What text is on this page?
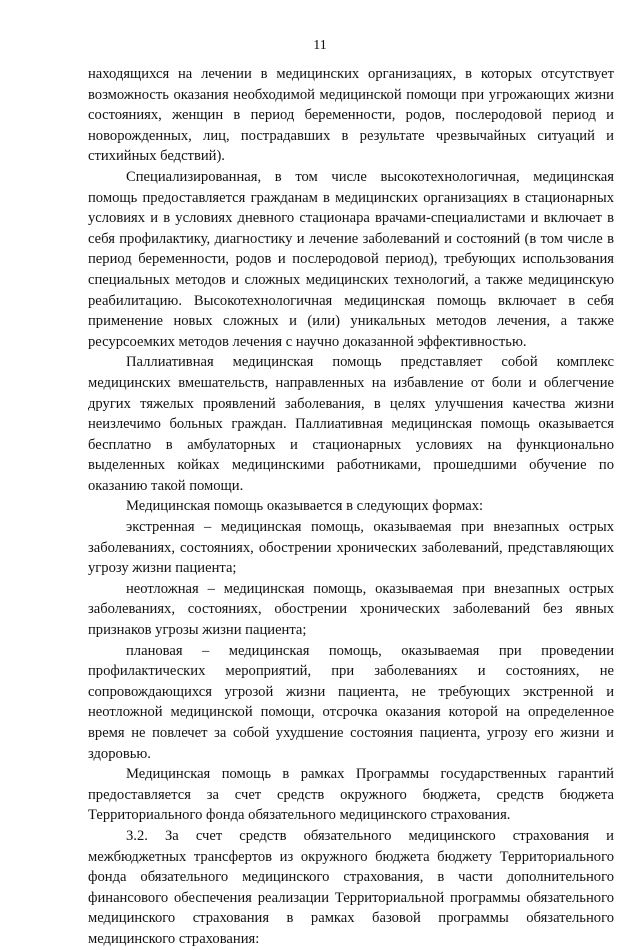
11

находящихся на лечении в медицинских организациях, в которых отсутствует возможность оказания необходимой медицинской помощи при угрожающих жизни состояниях, женщин в период беременности, родов, послеродовой период и новорожденных, лиц, пострадавших в результате чрезвычайных ситуаций и стихийных бедствий).

Специализированная, в том числе высокотехнологичная, медицинская помощь предоставляется гражданам в медицинских организациях в стационарных условиях и в условиях дневного стационара врачами-специалистами и включает в себя профилактику, диагностику и лечение заболеваний и состояний (в том числе в период беременности, родов и послеродовой период), требующих использования специальных методов и сложных медицинских технологий, а также медицинскую реабилитацию. Высокотехнологичная медицинская помощь включает в себя применение новых сложных и (или) уникальных методов лечения, а также ресурсоемких методов лечения с научно доказанной эффективностью.

Паллиативная медицинская помощь представляет собой комплекс медицинских вмешательств, направленных на избавление от боли и облегчение других тяжелых проявлений заболевания, в целях улучшения качества жизни неизлечимо больных граждан. Паллиативная медицинская помощь оказывается бесплатно в амбулаторных и стационарных условиях на функционально выделенных койках медицинскими работниками, прошедшими обучение по оказанию такой помощи.

Медицинская помощь оказывается в следующих формах:

экстренная – медицинская помощь, оказываемая при внезапных острых заболеваниях, состояниях, обострении хронических заболеваний, представляющих угрозу жизни пациента;

неотложная – медицинская помощь, оказываемая при внезапных острых заболеваниях, состояниях, обострении хронических заболеваний без явных признаков угрозы жизни пациента;

плановая – медицинская помощь, оказываемая при проведении профилактических мероприятий, при заболеваниях и состояниях, не сопровождающихся угрозой жизни пациента, не требующих экстренной и неотложной медицинской помощи, отсрочка оказания которой на определенное время не повлечет за собой ухудшение состояния пациента, угрозу его жизни и здоровью.

Медицинская помощь в рамках Программы государственных гарантий предоставляется за счет средств окружного бюджета, средств бюджета Территориального фонда обязательного медицинского страхования.

3.2. За счет средств обязательного медицинского страхования и межбюджетных трансфертов из окружного бюджета бюджету Территориального фонда обязательного медицинского страхования, в части дополнительного финансового обеспечения реализации Территориальной программы обязательного медицинского страхования в рамках базовой программы обязательного медицинского страхования:
